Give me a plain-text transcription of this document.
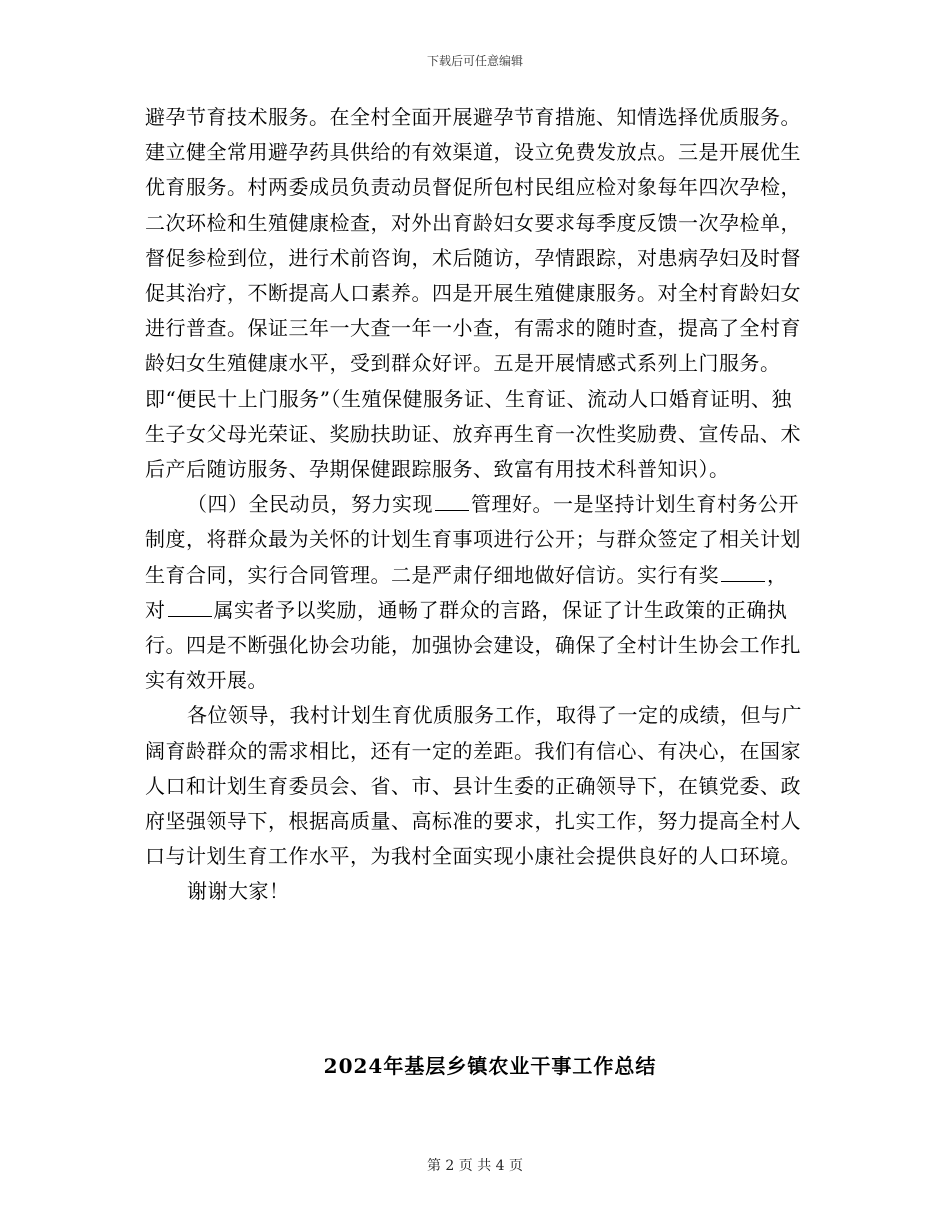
下载后可任意编辑

避孕节育技术服务。在全村全面开展避孕节育措施、知情选择优质服务。建立健全常用避孕药具供给的有效渠道，设立免费发放点。三是开展优生优育服务。村两委成员负责动员督促所包村民组应检对象每年四次孕检，二次环检和生殖健康检查，对外出育龄妇女要求每季度反馈一次孕检单，督促参检到位，进行术前咨询，术后随访，孕情跟踪，对患病孕妇及时督促其治疗，不断提高人口素养。四是开展生殖健康服务。对全村育龄妇女进行普查。保证三年一大查一年一小查，有需求的随时查，提高了全村育龄妇女生殖健康水平，受到群众好评。五是开展情感式系列上门服务。即“便民十上门服务”（生殖保健服务证、生育证、流动人口婚育证明、独生子女父母光荣证、奖励扶助证、放弃再生育一次性奖励费、宣传品、术后产后随访服务、孕期保健跟踪服务、致富有用技术科普知识）。

（四）全民动员，努力实现 管理好。一是坚持计划生育村务公开制度，将群众最为关怀的计划生育事项进行公开；与群众签定了相关计划生育合同，实行合同管理。二是严肃仔细地做好信访。实行有奖 ，对 属实者予以奖励，通畅了群众的言路，保证了计生政策的正确执行。四是不断强化协会功能，加强协会建设，确保了全村计生协会工作扎实有效开展。

各位领导，我村计划生育优质服务工作，取得了一定的成绩，但与广阔育龄群众的需求相比，还有一定的差距。我们有信心、有决心，在国家人口和计划生育委员会、省、市、县计生委的正确领导下，在镇党委、政府坚强领导下，根据高质量、高标准的要求，扎实工作，努力提高全村人口与计划生育工作水平，为我村全面实现小康社会提供良好的人口环境。

谢谢大家！

2024年基层乡镇农业干事工作总结
第 2 页 共 4 页
